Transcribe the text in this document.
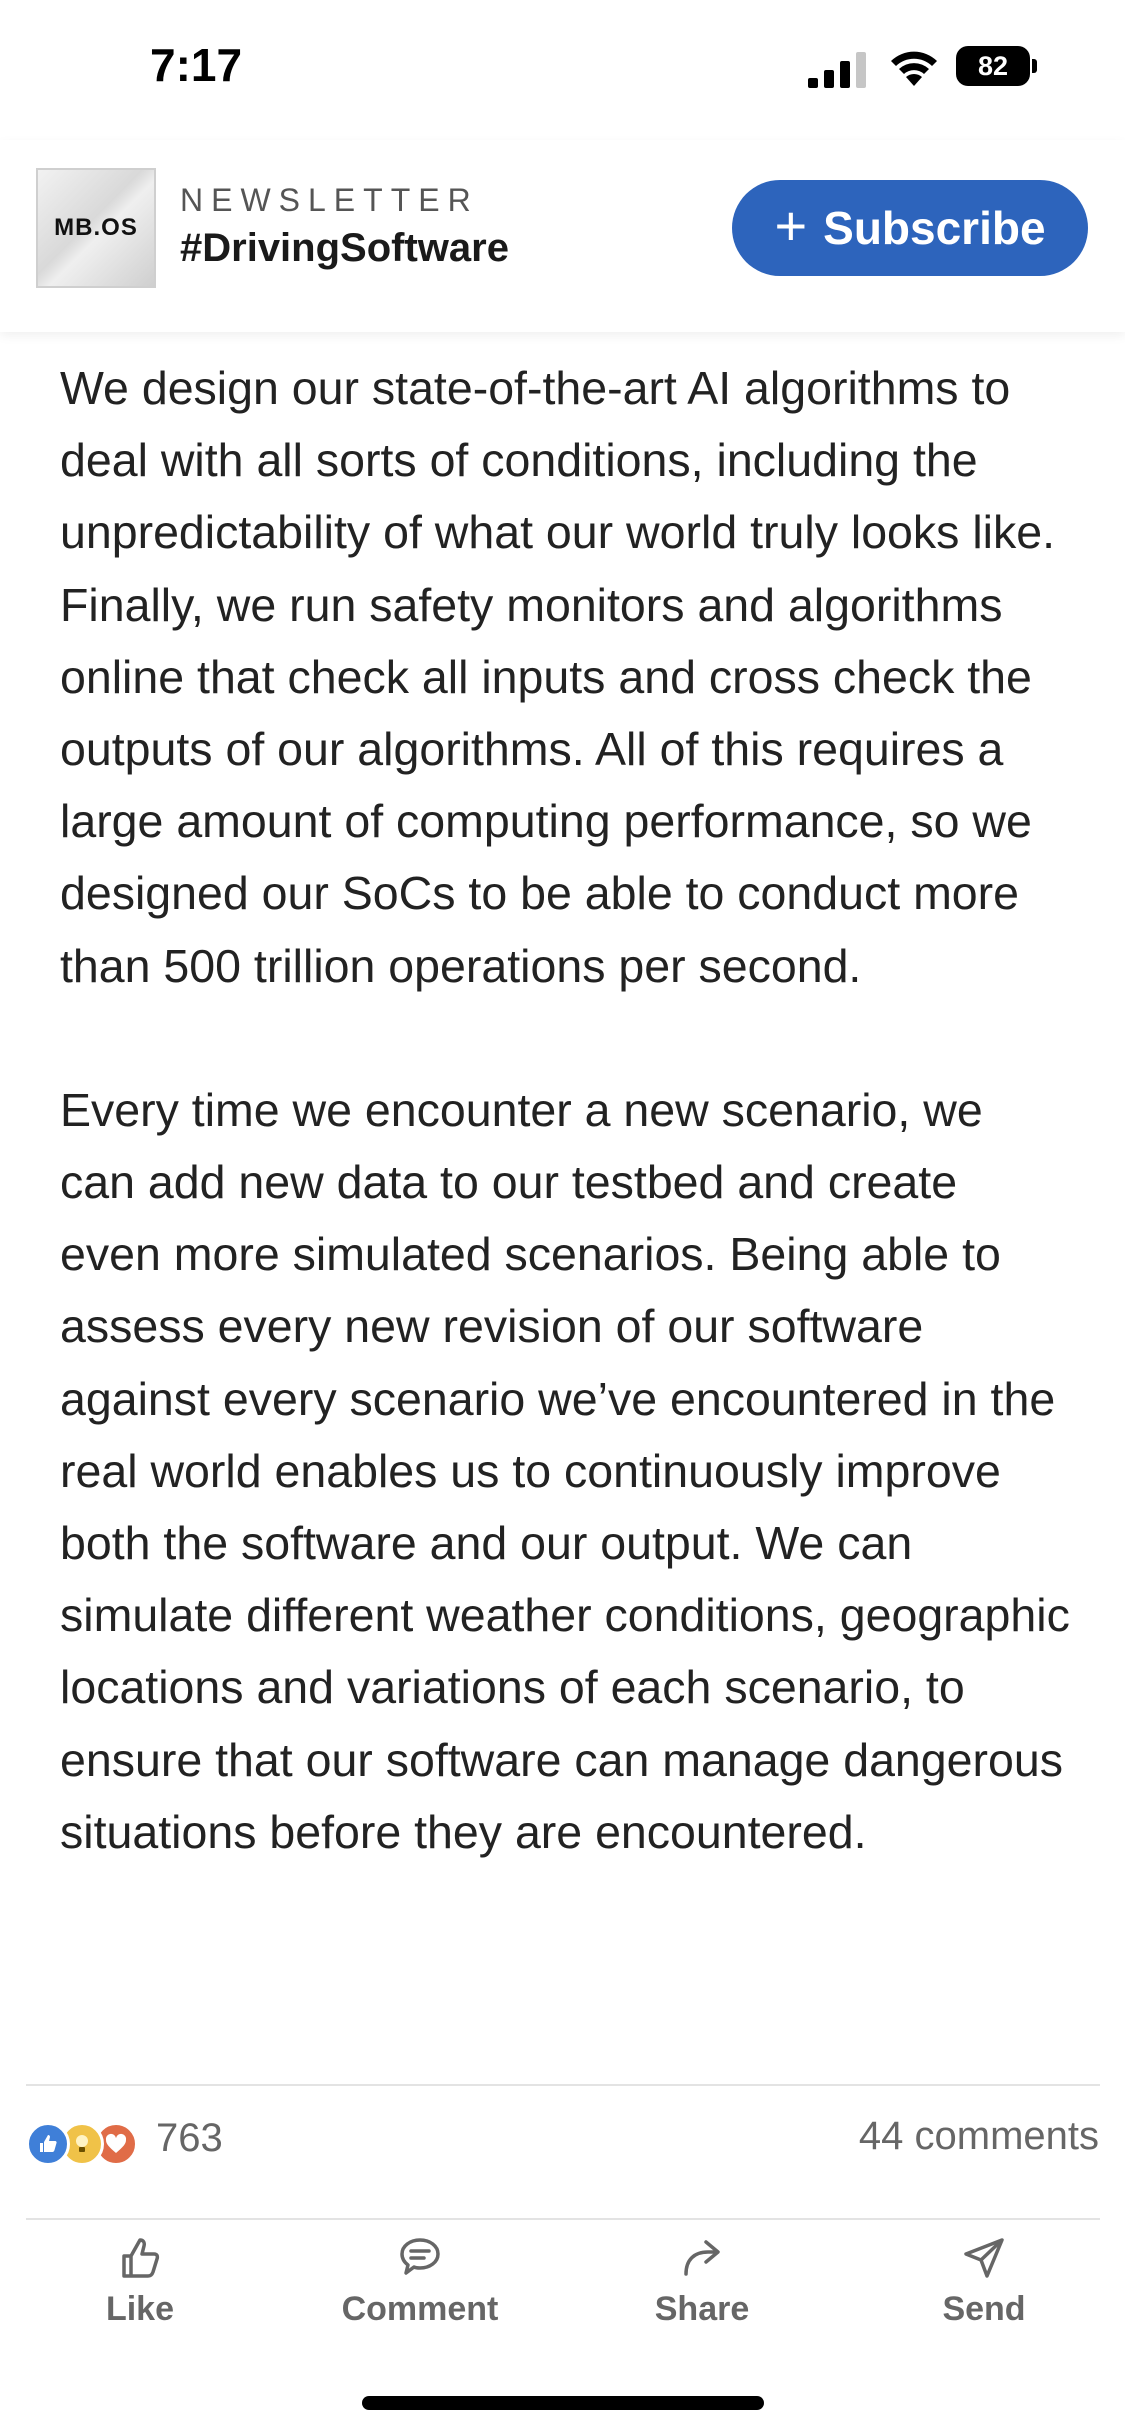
7:17	82
MB.OS
NEWSLETTER
#DrivingSoftware	+ Subscribe

We design our state-of-the-art AI algorithms to deal with all sorts of conditions, including the unpredictability of what our world truly looks like. Finally, we run safety monitors and algorithms online that check all inputs and cross check the outputs of our algorithms. All of this requires a large amount of computing performance, so we designed our SoCs to be able to conduct more than 500 trillion operations per second.

Every time we encounter a new scenario, we can add new data to our testbed and create even more simulated scenarios. Being able to assess every new revision of our software against every scenario we’ve encountered in the real world enables us to continuously improve both the software and our output. We can simulate different weather conditions, geographic locations and variations of each scenario, to ensure that our software can manage dangerous situations before they are encountered.

763	44 comments
Like	Comment	Share	Send
